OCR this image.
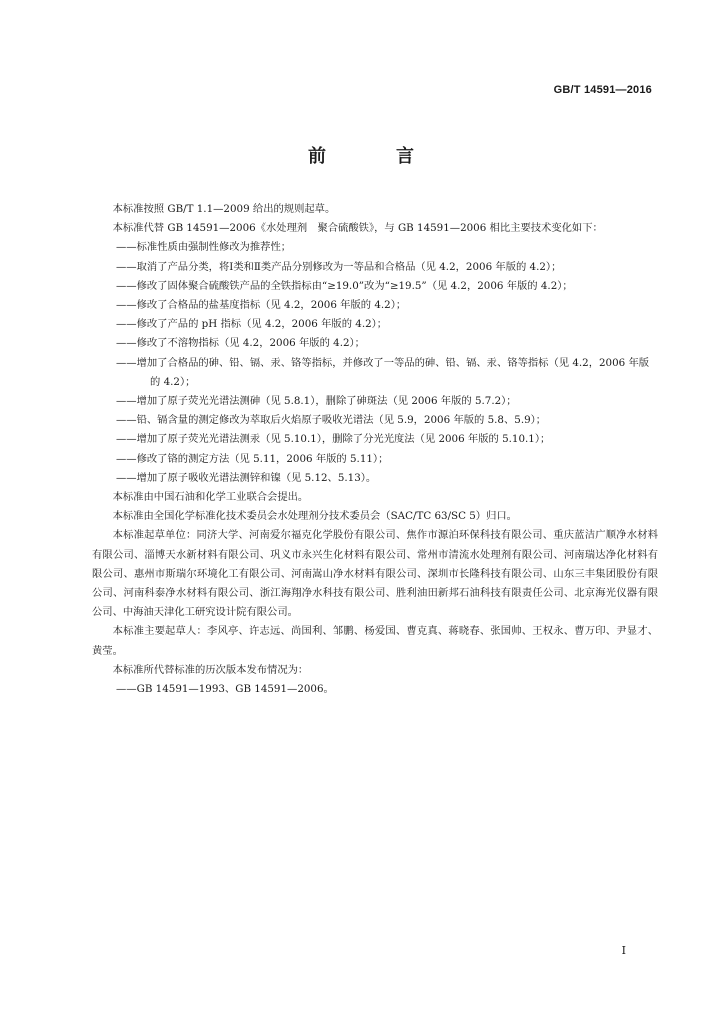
GB/T 14591—2016
前　言

本标准按照 GB/T 1.1—2009 给出的规则起草。

本标准代替 GB 14591—2006《水处理剂　聚合硫酸铁》，与 GB 14591—2006 相比主要技术变化如下：

——标准性质由强制性修改为推荐性；

——取消了产品分类，将Ⅰ类和Ⅱ类产品分别修改为一等品和合格品（见 4.2，2006 年版的 4.2）；

——修改了固体聚合硫酸铁产品的全铁指标由“≥19.0”改为“≥19.5”（见 4.2，2006 年版的 4.2）；

——修改了合格品的盐基度指标（见 4.2，2006 年版的 4.2）；

——修改了产品的 pH 指标（见 4.2，2006 年版的 4.2）；

——修改了不溶物指标（见 4.2，2006 年版的 4.2）；

——增加了合格品的砷、铅、镉、汞、铬等指标，并修改了一等品的砷、铅、镉、汞、铬等指标（见 4.2，2006 年版的 4.2）；

——增加了原子荧光光谱法测砷（见 5.8.1），删除了砷斑法（见 2006 年版的 5.7.2）；

——铅、镉含量的测定修改为萃取后火焰原子吸收光谱法（见 5.9，2006 年版的 5.8、5.9）；

——增加了原子荧光光谱法测汞（见 5.10.1），删除了分光光度法（见 2006 年版的 5.10.1）；

——修改了铬的测定方法（见 5.11，2006 年版的 5.11）；

——增加了原子吸收光谱法测锌和镍（见 5.12、5.13）。

本标准由中国石油和化学工业联合会提出。

本标准由全国化学标准化技术委员会水处理剂分技术委员会（SAC/TC 63/SC 5）归口。

本标准起草单位：同济大学、河南爱尔福克化学股份有限公司、焦作市源泊环保科技有限公司、重庆蓝洁广顺净水材料有限公司、淄博天水新材料有限公司、巩义市永兴生化材料有限公司、常州市清流水处理剂有限公司、河南瑞达净化材料有限公司、惠州市斯瑞尔环境化工有限公司、河南嵩山净水材料有限公司、深圳市长隆科技有限公司、山东三丰集团股份有限公司、河南科泰净水材料有限公司、浙江海翔净水科技有限公司、胜利油田新邦石油科技有限责任公司、北京海光仪器有限公司、中海油天津化工研究设计院有限公司。

本标准主要起草人：李风亭、许志远、尚国利、邹鹏、杨爱国、曹克真、蒋晓春、张国帅、王权永、曹万印、尹显才、黄莹。

本标准所代替标准的历次版本发布情况为：

——GB 14591—1993、GB 14591—2006。

I
